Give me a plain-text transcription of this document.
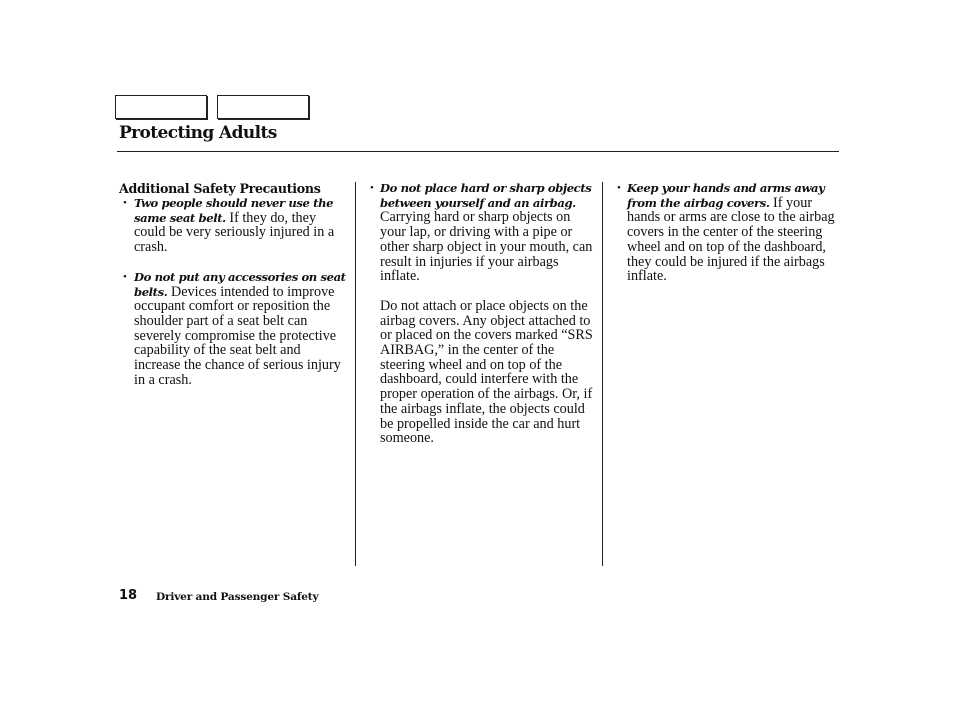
Protecting Adults

Additional Safety Precautions

• Two people should never use the same seat belt. If they do, they could be very seriously injured in a crash.

• Do not put any accessories on seat belts. Devices intended to improve occupant comfort or reposition the shoulder part of a seat belt can severely compromise the protective capability of the seat belt and increase the chance of serious injury in a crash.

• Do not place hard or sharp objects between yourself and an airbag. Carrying hard or sharp objects on your lap, or driving with a pipe or other sharp object in your mouth, can result in injuries if your airbags inflate.

Do not attach or place objects on the airbag covers. Any object attached to or placed on the covers marked “SRS AIRBAG,” in the center of the steering wheel and on top of the dashboard, could interfere with the proper operation of the airbags. Or, if the airbags inflate, the objects could be propelled inside the car and hurt someone.

• Keep your hands and arms away from the airbag covers. If your hands or arms are close to the airbag covers in the center of the steering wheel and on top of the dashboard, they could be injured if the airbags inflate.

18 Driver and Passenger Safety
